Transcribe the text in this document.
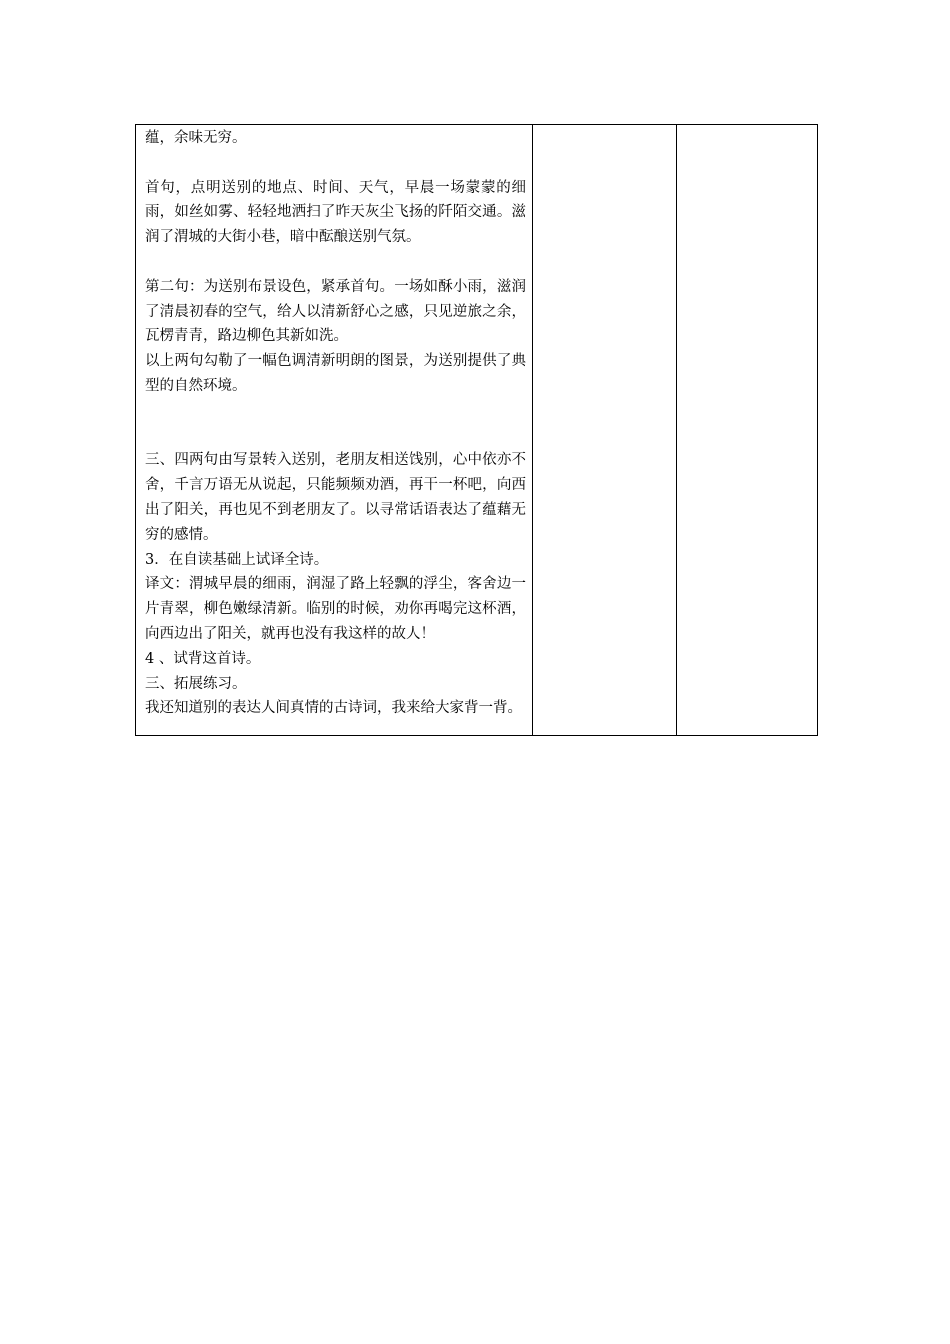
蕴，余味无穷。

首句，点明送别的地点、时间、天气，早晨一场蒙蒙的细雨，如丝如雾、轻轻地洒扫了昨天灰尘飞扬的阡陌交通。滋润了渭城的大街小巷，暗中酝酿送别气氛。

第二句：为送别布景设色，紧承首句。一场如酥小雨，滋润了清晨初春的空气，给人以清新舒心之感，只见逆旅之余，瓦楞青青，路边柳色其新如洗。

以上两句勾勒了一幅色调清新明朗的图景，为送别提供了典型的自然环境。

三、四两句由写景转入送别，老朋友相送饯别，心中依亦不舍，千言万语无从说起，只能频频劝酒，再干一杯吧，向西出了阳关，再也见不到老朋友了。以寻常话语表达了蕴藉无穷的感情。

3．在自读基础上试译全诗。

译文：渭城早晨的细雨，润湿了路上轻飘的浮尘，客舍边一片青翠，柳色嫩绿清新。临别的时候，劝你再喝完这杯酒，向西边出了阳关，就再也没有我这样的故人！

4 、试背这首诗。

三、拓展练习。

我还知道别的表达人间真情的古诗词，我来给大家背一背。
